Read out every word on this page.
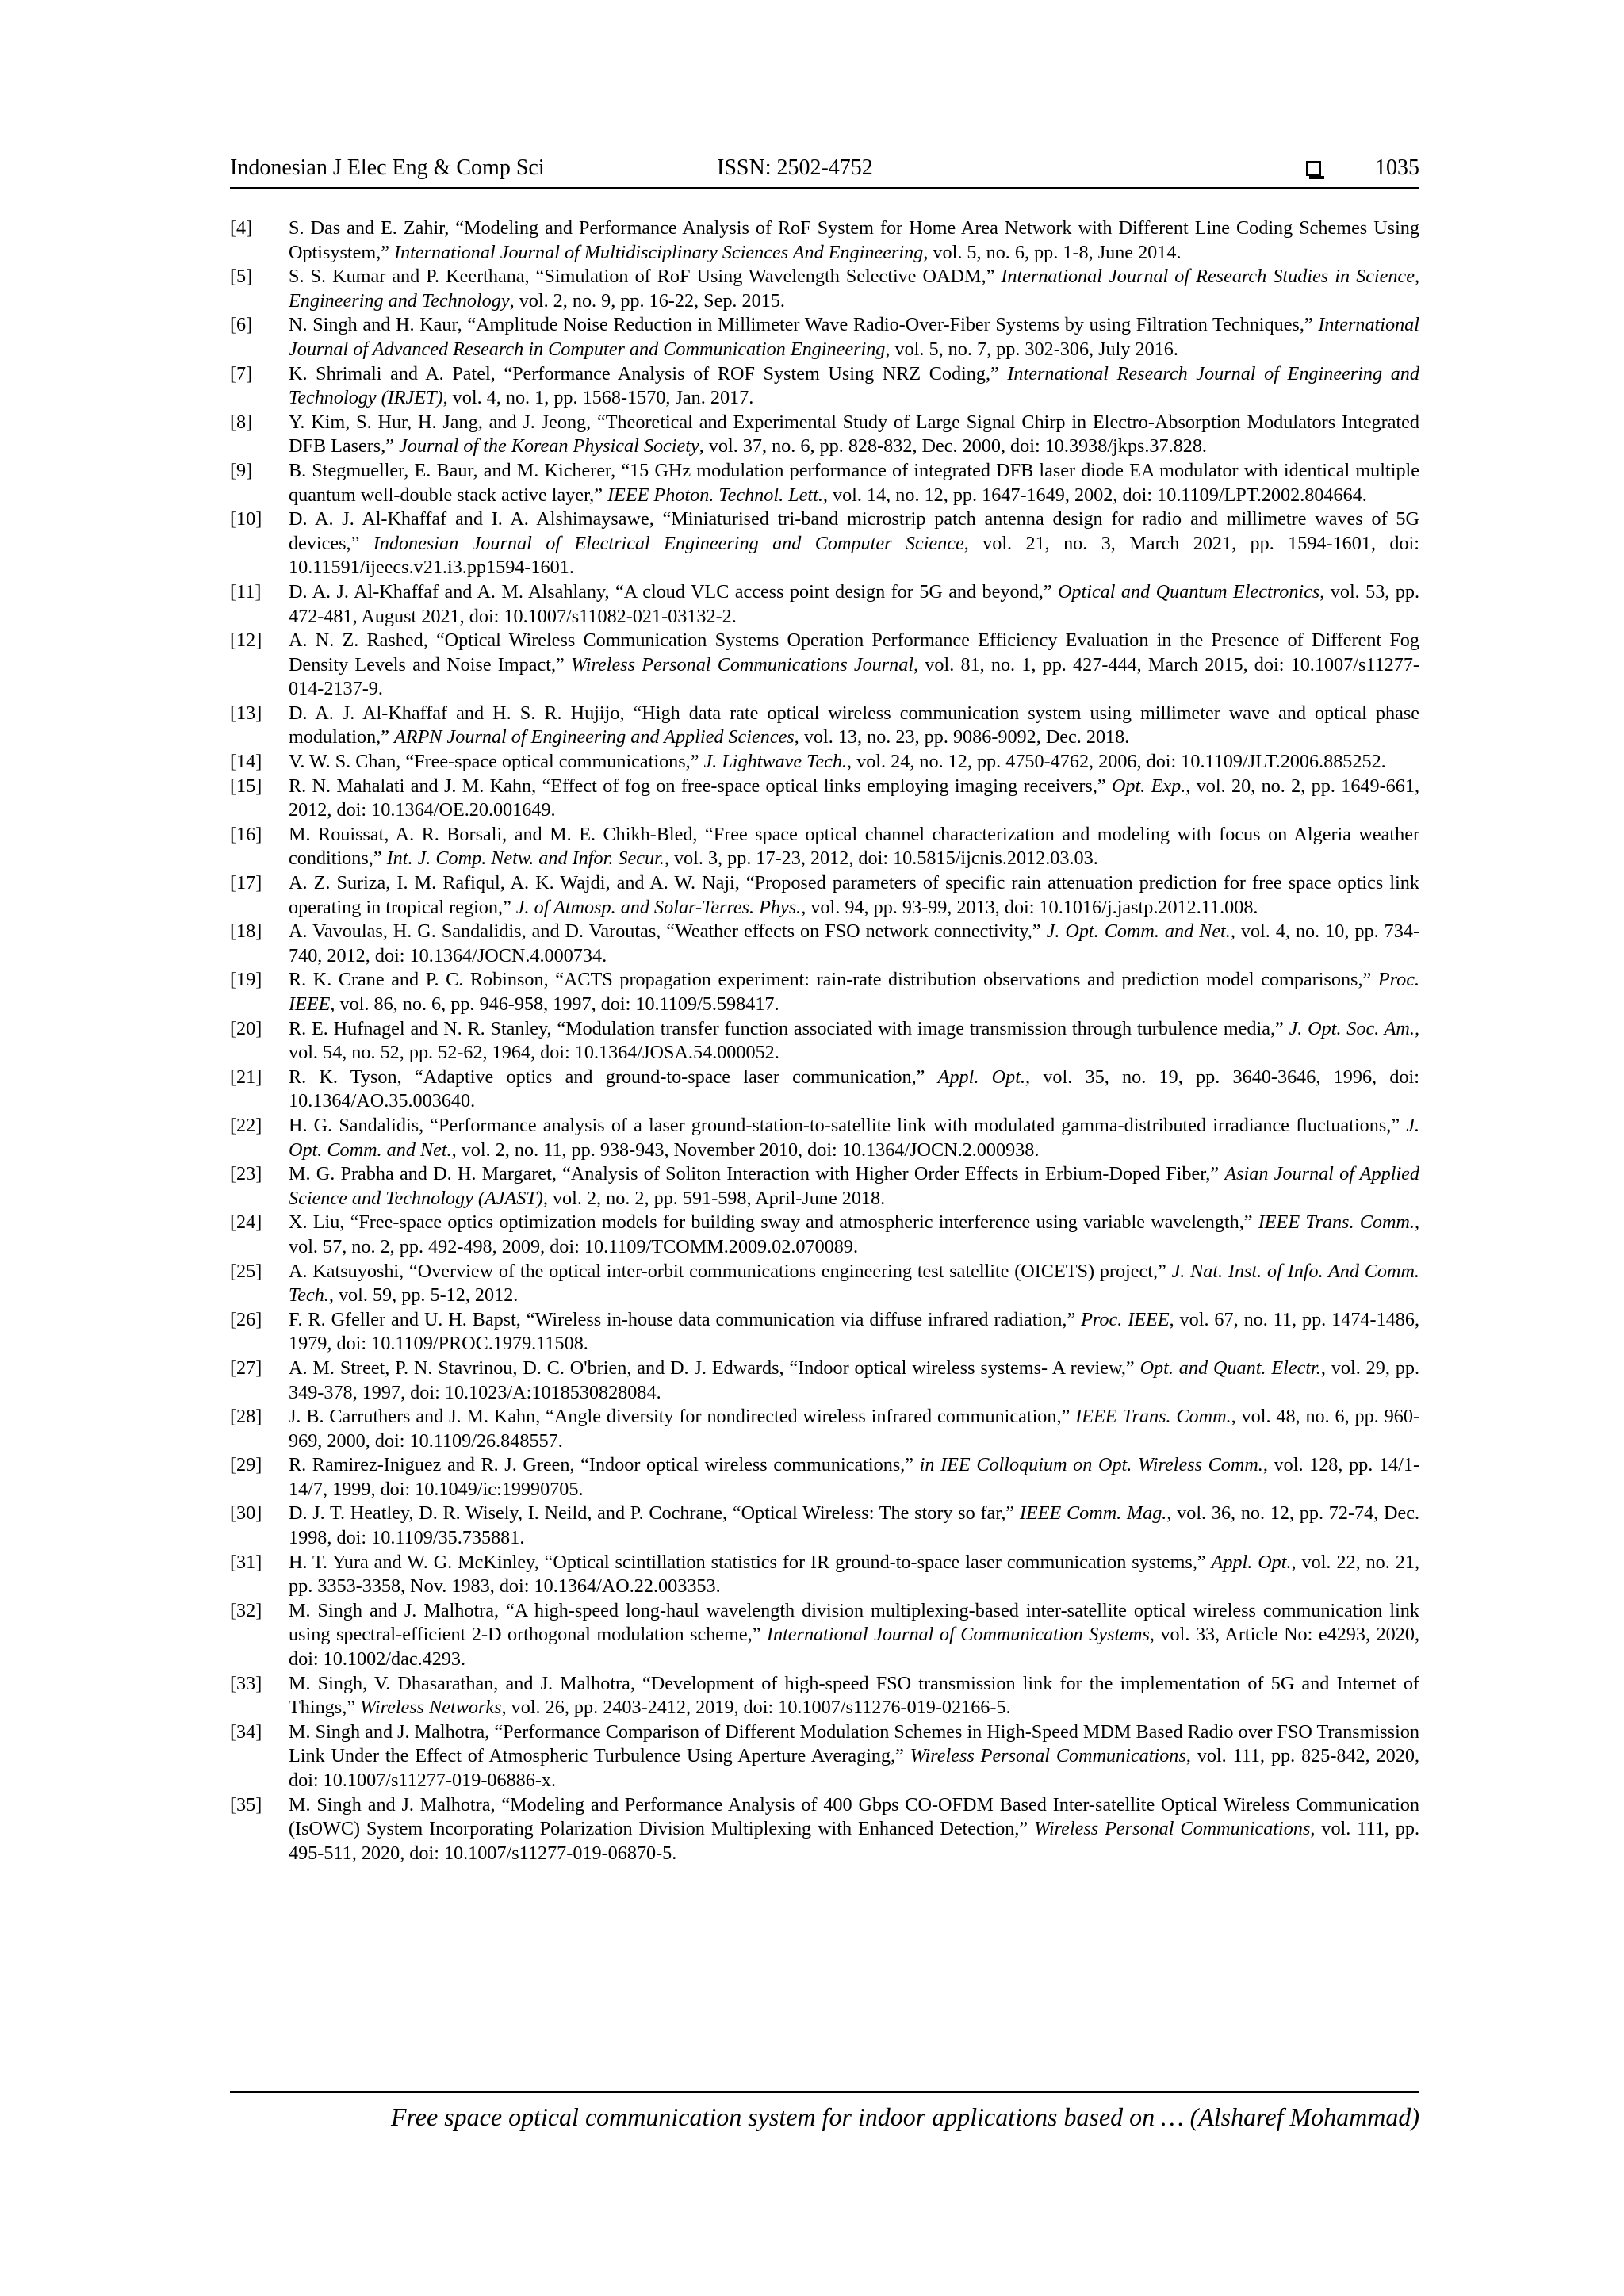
Indonesian J Elec Eng & Comp Sci	ISSN: 2502-4752	1035
[4]	S. Das and E. Zahir, “Modeling and Performance Analysis of RoF System for Home Area Network with Different Line Coding Schemes Using Optisystem,” International Journal of Multidisciplinary Sciences And Engineering, vol. 5, no. 6, pp. 1-8, June 2014.
[5]	S. S. Kumar and P. Keerthana, “Simulation of RoF Using Wavelength Selective OADM,” International Journal of Research Studies in Science, Engineering and Technology, vol. 2, no. 9, pp. 16-22, Sep. 2015.
[6]	N. Singh and H. Kaur, “Amplitude Noise Reduction in Millimeter Wave Radio-Over-Fiber Systems by using Filtration Techniques,” International Journal of Advanced Research in Computer and Communication Engineering, vol. 5, no. 7, pp. 302-306, July 2016.
[7]	K. Shrimali and A. Patel, “Performance Analysis of ROF System Using NRZ Coding,” International Research Journal of Engineering and Technology (IRJET), vol. 4, no. 1, pp. 1568-1570, Jan. 2017.
[8]	Y. Kim, S. Hur, H. Jang, and J. Jeong, “Theoretical and Experimental Study of Large Signal Chirp in Electro-Absorption Modulators Integrated DFB Lasers,” Journal of the Korean Physical Society, vol. 37, no. 6, pp. 828-832, Dec. 2000, doi: 10.3938/jkps.37.828.
[9]	B. Stegmueller, E. Baur, and M. Kicherer, “15 GHz modulation performance of integrated DFB laser diode EA modulator with identical multiple quantum well-double stack active layer,” IEEE Photon. Technol. Lett., vol. 14, no. 12, pp. 1647-1649, 2002, doi: 10.1109/LPT.2002.804664.
[10]	D. A. J. Al-Khaffaf and I. A. Alshimaysawe, “Miniaturised tri-band microstrip patch antenna design for radio and millimetre waves of 5G devices,” Indonesian Journal of Electrical Engineering and Computer Science, vol. 21, no. 3, March 2021, pp. 1594-1601, doi: 10.11591/ijeecs.v21.i3.pp1594-1601.
[11]	D. A. J. Al-Khaffaf and A. M. Alsahlany, “A cloud VLC access point design for 5G and beyond,” Optical and Quantum Electronics, vol. 53, pp. 472-481, August 2021, doi: 10.1007/s11082-021-03132-2.
[12]	A. N. Z. Rashed, “Optical Wireless Communication Systems Operation Performance Efficiency Evaluation in the Presence of Different Fog Density Levels and Noise Impact,” Wireless Personal Communications Journal, vol. 81, no. 1, pp. 427-444, March 2015, doi: 10.1007/s11277-014-2137-9.
[13]	D. A. J. Al-Khaffaf and H. S. R. Hujijo, “High data rate optical wireless communication system using millimeter wave and optical phase modulation,” ARPN Journal of Engineering and Applied Sciences, vol. 13, no. 23, pp. 9086-9092, Dec. 2018.
[14]	V. W. S. Chan, “Free-space optical communications,” J. Lightwave Tech., vol. 24, no. 12, pp. 4750-4762, 2006, doi: 10.1109/JLT.2006.885252.
[15]	R. N. Mahalati and J. M. Kahn, “Effect of fog on free-space optical links employing imaging receivers,” Opt. Exp., vol. 20, no. 2, pp. 1649-661, 2012, doi: 10.1364/OE.20.001649.
[16]	M. Rouissat, A. R. Borsali, and M. E. Chikh-Bled, “Free space optical channel characterization and modeling with focus on Algeria weather conditions,” Int. J. Comp. Netw. and Infor. Secur., vol. 3, pp. 17-23, 2012, doi: 10.5815/ijcnis.2012.03.03.
[17]	A. Z. Suriza, I. M. Rafiqul, A. K. Wajdi, and A. W. Naji, “Proposed parameters of specific rain attenuation prediction for free space optics link operating in tropical region,” J. of Atmosp. and Solar-Terres. Phys., vol. 94, pp. 93-99, 2013, doi: 10.1016/j.jastp.2012.11.008.
[18]	A. Vavoulas, H. G. Sandalidis, and D. Varoutas, “Weather effects on FSO network connectivity,” J. Opt. Comm. and Net., vol. 4, no. 10, pp. 734-740, 2012, doi: 10.1364/JOCN.4.000734.
[19]	R. K. Crane and P. C. Robinson, “ACTS propagation experiment: rain-rate distribution observations and prediction model comparisons,” Proc. IEEE, vol. 86, no. 6, pp. 946-958, 1997, doi: 10.1109/5.598417.
[20]	R. E. Hufnagel and N. R. Stanley, “Modulation transfer function associated with image transmission through turbulence media,” J. Opt. Soc. Am., vol. 54, no. 52, pp. 52-62, 1964, doi: 10.1364/JOSA.54.000052.
[21]	R. K. Tyson, “Adaptive optics and ground-to-space laser communication,” Appl. Opt., vol. 35, no. 19, pp. 3640-3646, 1996, doi: 10.1364/AO.35.003640.
[22]	H. G. Sandalidis, “Performance analysis of a laser ground-station-to-satellite link with modulated gamma-distributed irradiance fluctuations,” J. Opt. Comm. and Net., vol. 2, no. 11, pp. 938-943, November 2010, doi: 10.1364/JOCN.2.000938.
[23]	M. G. Prabha and D. H. Margaret, “Analysis of Soliton Interaction with Higher Order Effects in Erbium-Doped Fiber,” Asian Journal of Applied Science and Technology (AJAST), vol. 2, no. 2, pp. 591-598, April-June 2018.
[24]	X. Liu, “Free-space optics optimization models for building sway and atmospheric interference using variable wavelength,” IEEE Trans. Comm., vol. 57, no. 2, pp. 492-498, 2009, doi: 10.1109/TCOMM.2009.02.070089.
[25]	A. Katsuyoshi, “Overview of the optical inter-orbit communications engineering test satellite (OICETS) project,” J. Nat. Inst. of Info. And Comm. Tech., vol. 59, pp. 5-12, 2012.
[26]	F. R. Gfeller and U. H. Bapst, “Wireless in-house data communication via diffuse infrared radiation,” Proc. IEEE, vol. 67, no. 11, pp. 1474-1486, 1979, doi: 10.1109/PROC.1979.11508.
[27]	A. M. Street, P. N. Stavrinou, D. C. O'brien, and D. J. Edwards, “Indoor optical wireless systems- A review,” Opt. and Quant. Electr., vol. 29, pp. 349-378, 1997, doi: 10.1023/A:1018530828084.
[28]	J. B. Carruthers and J. M. Kahn, “Angle diversity for nondirected wireless infrared communication,” IEEE Trans. Comm., vol. 48, no. 6, pp. 960-969, 2000, doi: 10.1109/26.848557.
[29]	R. Ramirez-Iniguez and R. J. Green, “Indoor optical wireless communications,” in IEE Colloquium on Opt. Wireless Comm., vol. 128, pp. 14/1-14/7, 1999, doi: 10.1049/ic:19990705.
[30]	D. J. T. Heatley, D. R. Wisely, I. Neild, and P. Cochrane, “Optical Wireless: The story so far,” IEEE Comm. Mag., vol. 36, no. 12, pp. 72-74, Dec. 1998, doi: 10.1109/35.735881.
[31]	H. T. Yura and W. G. McKinley, “Optical scintillation statistics for IR ground-to-space laser communication systems,” Appl. Opt., vol. 22, no. 21, pp. 3353-3358, Nov. 1983, doi: 10.1364/AO.22.003353.
[32]	M. Singh and J. Malhotra, “A high-speed long-haul wavelength division multiplexing-based inter-satellite optical wireless communication link using spectral-efficient 2-D orthogonal modulation scheme,” International Journal of Communication Systems, vol. 33, Article No: e4293, 2020, doi: 10.1002/dac.4293.
[33]	M. Singh, V. Dhasarathan, and J. Malhotra, “Development of high-speed FSO transmission link for the implementation of 5G and Internet of Things,” Wireless Networks, vol. 26, pp. 2403-2412, 2019, doi: 10.1007/s11276-019-02166-5.
[34]	M. Singh and J. Malhotra, “Performance Comparison of Different Modulation Schemes in High-Speed MDM Based Radio over FSO Transmission Link Under the Effect of Atmospheric Turbulence Using Aperture Averaging,” Wireless Personal Communications, vol. 111, pp. 825-842, 2020, doi: 10.1007/s11277-019-06886-x.
[35]	M. Singh and J. Malhotra, “Modeling and Performance Analysis of 400 Gbps CO-OFDM Based Inter-satellite Optical Wireless Communication (IsOWC) System Incorporating Polarization Division Multiplexing with Enhanced Detection,” Wireless Personal Communications, vol. 111, pp. 495-511, 2020, doi: 10.1007/s11277-019-06870-5.
Free space optical communication system for indoor applications based on … (Alsharef Mohammad)
